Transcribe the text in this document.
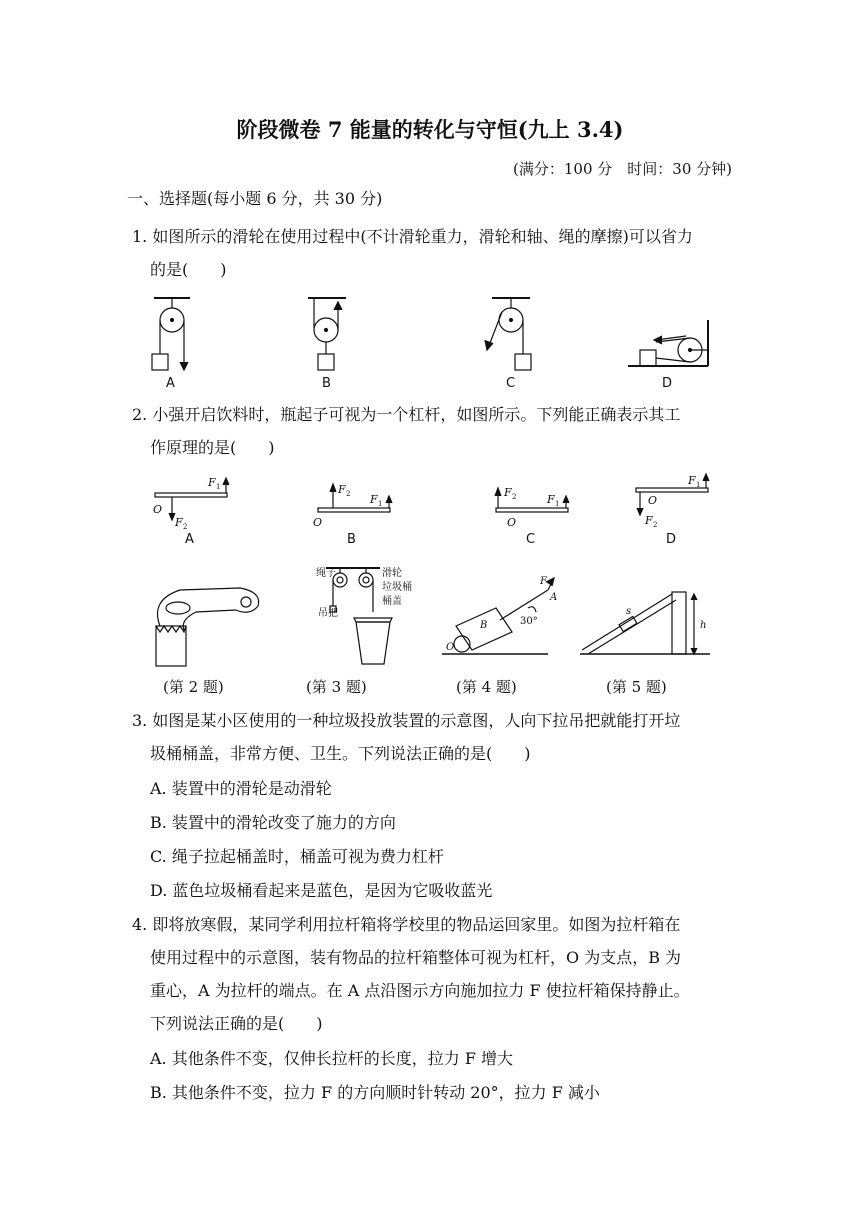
阶段微卷 7 能量的转化与守恒(九上 3.4)
(满分：100 分　时间：30 分钟)
一、选择题(每小题 6 分，共 30 分)
1. 如图所示的滑轮在使用过程中(不计滑轮重力，滑轮和轴、绳的摩擦)可以省力
的是(　　)
A	B	C	D
2. 小强开启饮料时，瓶起子可视为一个杠杆，如图所示。下列能正确表示其工
作原理的是(　　)
F 1
O
F 2
F 2 F 1
O
F 2	F 1
O
F 1
O
F 2
A	B	C	D
绳子
吊把
滑轮
垃圾桶
桶盖
F
A
B
O
30°
s
h
(第 2 题)	(第 3 题)	(第 4 题)	(第 5 题)
3. 如图是某小区使用的一种垃圾投放装置的示意图，人向下拉吊把就能打开垃
圾桶桶盖，非常方便、卫生。下列说法正确的是(　　)
A. 装置中的滑轮是动滑轮
B. 装置中的滑轮改变了施力的方向
C. 绳子拉起桶盖时，桶盖可视为费力杠杆
D. 蓝色垃圾桶看起来是蓝色，是因为它吸收蓝光
4. 即将放寒假，某同学利用拉杆箱将学校里的物品运回家里。如图为拉杆箱在
使用过程中的示意图，装有物品的拉杆箱整体可视为杠杆，O 为支点，B 为
重心，A 为拉杆的端点。在 A 点沿图示方向施加拉力 F 使拉杆箱保持静止。
下列说法正确的是(　　)
A. 其他条件不变，仅伸长拉杆的长度，拉力 F 增大
B. 其他条件不变，拉力 F 的方向顺时针转动 20°，拉力 F 减小
